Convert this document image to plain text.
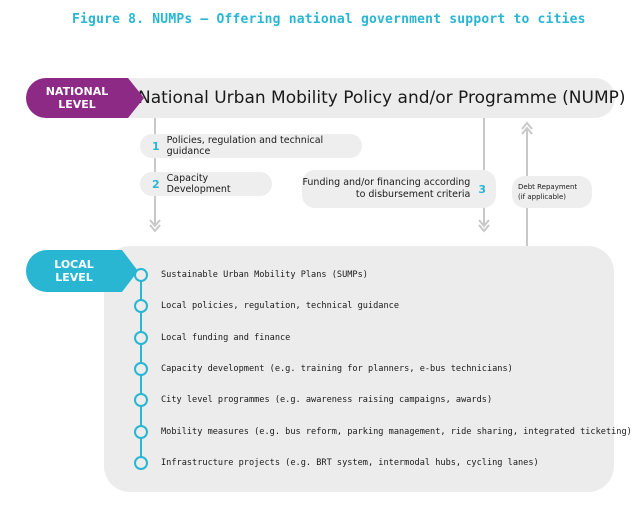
Figure 8. NUMPs – Offering national government support to cities
National Urban Mobility Policy and/or Programme (NUMP)
NATIONAL
LEVEL
1 Policies, regulation and technical guidance
2 Capacity Development
Funding and/or financing according
to disbursement criteria 3	Debt Repayment
(if applicable)
LOCAL
LEVEL	Sustainable Urban Mobility Plans (SUMPs)
Local policies, regulation, technical guidance
Local funding and finance
Capacity development (e.g. training for planners, e-bus technicians)
City level programmes (e.g. awareness raising campaigns, awards)
Mobility measures (e.g. bus reform, parking management, ride sharing, integrated ticketing)
Infrastructure projects (e.g. BRT system, intermodal hubs, cycling lanes)
